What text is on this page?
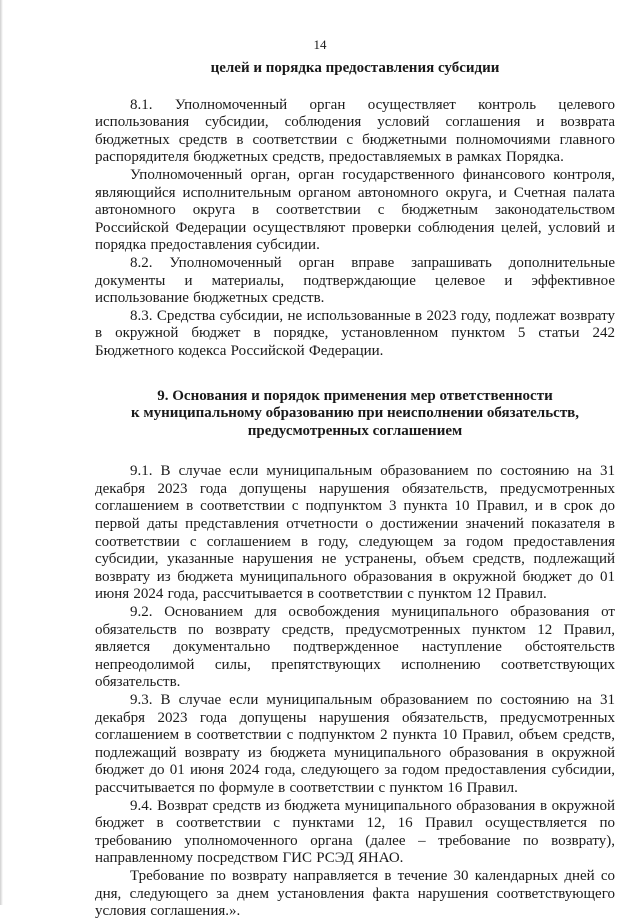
14

целей и порядка предоставления субсидии

8.1. Уполномоченный орган осуществляет контроль целевого использования субсидии, соблюдения условий соглашения и возврата бюджетных средств в соответствии с бюджетными полномочиями главного распорядителя бюджетных средств, предоставляемых в рамках Порядка.

Уполномоченный орган, орган государственного финансового контроля, являющийся исполнительным органом автономного округа, и Счетная палата автономного округа в соответствии с бюджетным законодательством Российской Федерации осуществляют проверки соблюдения целей, условий и порядка предоставления субсидии.

8.2. Уполномоченный орган вправе запрашивать дополнительные документы и материалы, подтверждающие целевое и эффективное использование бюджетных средств.

8.3. Средства субсидии, не использованные в 2023 году, подлежат возврату в окружной бюджет в порядке, установленном пунктом 5 статьи 242 Бюджетного кодекса Российской Федерации.

9. Основания и порядок применения мер ответственности
к муниципальному образованию при неисполнении обязательств,
предусмотренных соглашением

9.1. В случае если муниципальным образованием по состоянию на 31 декабря 2023 года допущены нарушения обязательств, предусмотренных соглашением в соответствии с подпунктом 3 пункта 10 Правил, и в срок до первой даты представления отчетности о достижении значений показателя в соответствии с соглашением в году, следующем за годом предоставления субсидии, указанные нарушения не устранены, объем средств, подлежащий возврату из бюджета муниципального образования в окружной бюджет до 01 июня 2024 года, рассчитывается в соответствии с пунктом 12 Правил.

9.2. Основанием для освобождения муниципального образования от обязательств по возврату средств, предусмотренных пунктом 12 Правил, является документально подтвержденное наступление обстоятельств непреодолимой силы, препятствующих исполнению соответствующих обязательств.

9.3. В случае если муниципальным образованием по состоянию на 31 декабря 2023 года допущены нарушения обязательств, предусмотренных соглашением в соответствии с подпунктом 2 пункта 10 Правил, объем средств, подлежащий возврату из бюджета муниципального образования в окружной бюджет до 01 июня 2024 года, следующего за годом предоставления субсидии, рассчитывается по формуле в соответствии с пунктом 16 Правил.

9.4. Возврат средств из бюджета муниципального образования в окружной бюджет в соответствии с пунктами 12, 16 Правил осуществляется по требованию уполномоченного органа (далее – требование по возврату), направленному посредством ГИС РСЭД ЯНАО.

Требование по возврату направляется в течение 30 календарных дней со дня, следующего за днем установления факта нарушения соответствующего условия соглашения.».
